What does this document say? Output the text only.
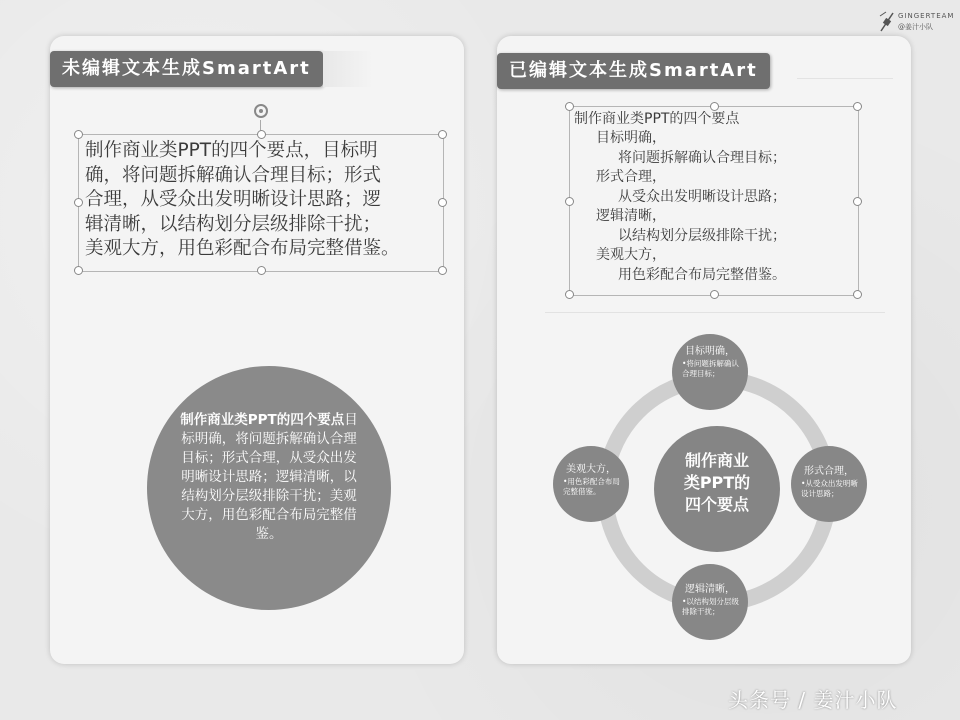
GINGERTEAM
@姜汁小队
未编辑文本生成SmartArt
制作商业类PPT的四个要点，目标明
确，将问题拆解确认合理目标；形式
合理，从受众出发明晰设计思路；逻
辑清晰，以结构划分层级排除干扰；
美观大方，用色彩配合布局完整借鉴。
制作商业类PPT的四个要点目标明确，将问题拆解确认合理目标；形式合理，从受众出发明晰设计思路；逻辑清晰，以结构划分层级排除干扰；美观大方，用色彩配合布局完整借鉴。
已编辑文本生成SmartArt
制作商业类PPT的四个要点
目标明确，
将问题拆解确认合理目标；
形式合理，
从受众出发明晰设计思路；
逻辑清晰，
以结构划分层级排除干扰；
美观大方，
用色彩配合布局完整借鉴。
制作商业
类PPT的
四个要点
目标明确，
•将问题拆解确认合理目标；
形式合理，
•从受众出发明晰设计思路；
逻辑清晰，
•以结构划分层级排除干扰；
美观大方，
•用色彩配合布局完整借鉴。
头条号 / 姜汁小队
